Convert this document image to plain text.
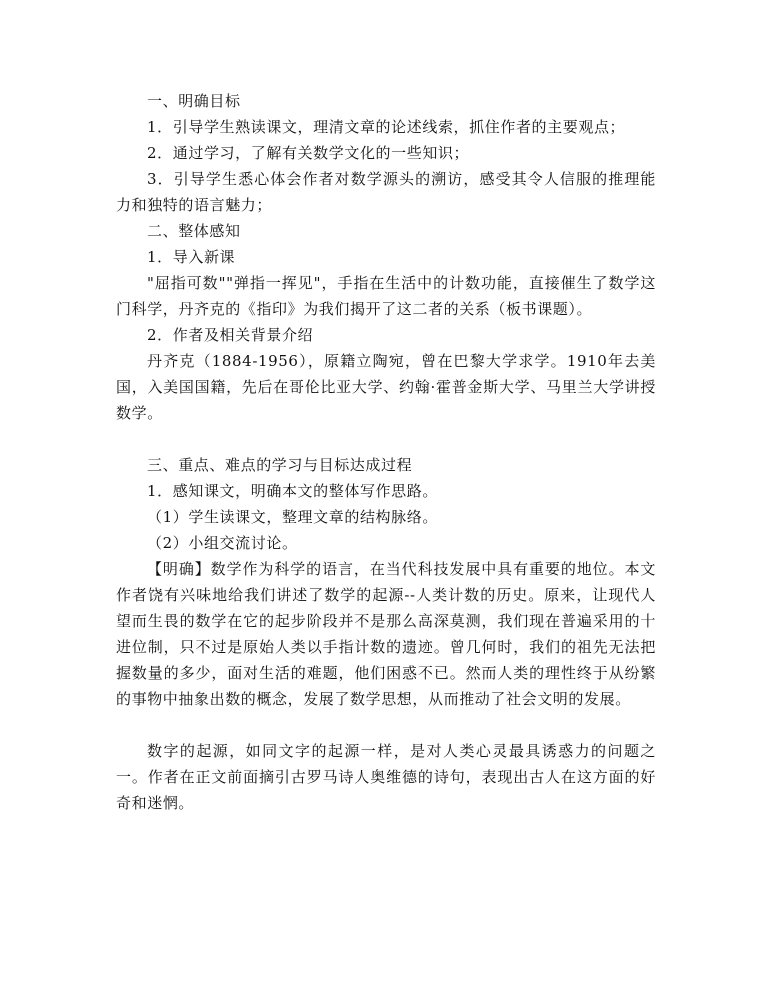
一、明确目标

1．引导学生熟读课文，理清文章的论述线索，抓住作者的主要观点；

2．通过学习，了解有关数学文化的一些知识；

3．引导学生悉心体会作者对数学源头的溯访，感受其令人信服的推理能力和独特的语言魅力；

二、整体感知

1．导入新课

"屈指可数""弹指一挥见"，手指在生活中的计数功能，直接催生了数学这门科学，丹齐克的《指印》为我们揭开了这二者的关系（板书课题）。

2．作者及相关背景介绍

丹齐克（1884-1956），原籍立陶宛，曾在巴黎大学求学。1910年去美国，入美国国籍，先后在哥伦比亚大学、约翰·霍普金斯大学、马里兰大学讲授数学。

三、重点、难点的学习与目标达成过程

1．感知课文，明确本文的整体写作思路。

（1）学生读课文，整理文章的结构脉络。

（2）小组交流讨论。

【明确】数学作为科学的语言，在当代科技发展中具有重要的地位。本文作者饶有兴味地给我们讲述了数学的起源--人类计数的历史。原来，让现代人望而生畏的数学在它的起步阶段并不是那么高深莫测，我们现在普遍采用的十进位制，只不过是原始人类以手指计数的遗迹。曾几何时，我们的祖先无法把握数量的多少，面对生活的难题，他们困惑不已。然而人类的理性终于从纷繁的事物中抽象出数的概念，发展了数学思想，从而推动了社会文明的发展。

数字的起源，如同文字的起源一样，是对人类心灵最具诱惑力的问题之一。作者在正文前面摘引古罗马诗人奥维德的诗句，表现出古人在这方面的好奇和迷惘。
